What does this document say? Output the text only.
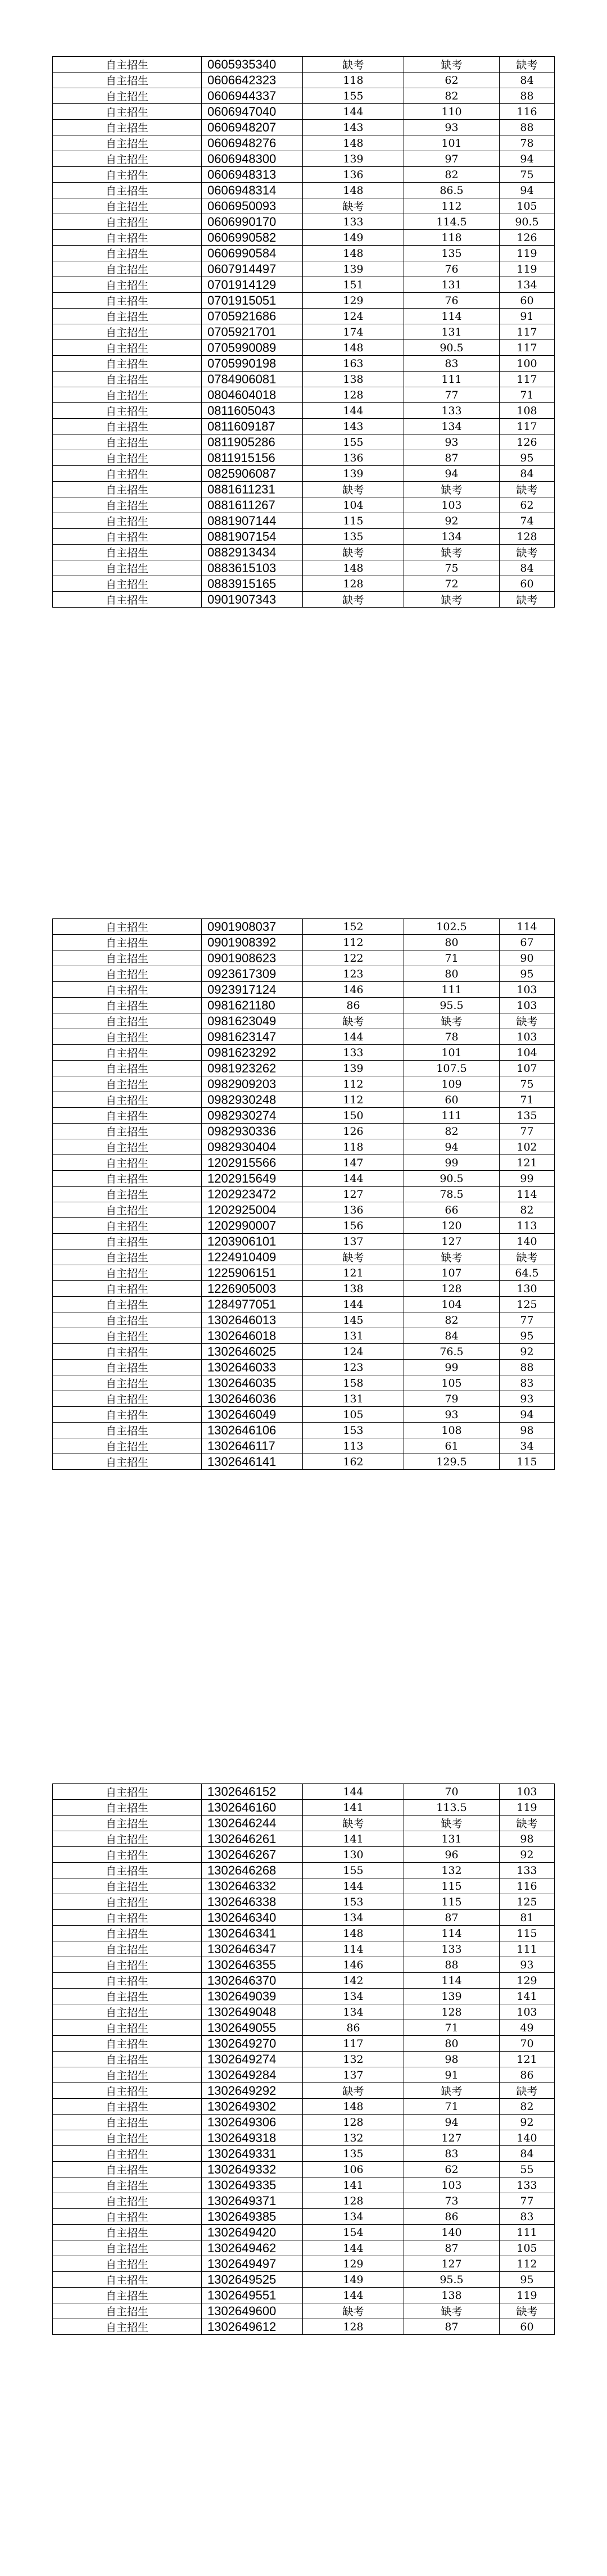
自主招生	0605935340	缺考	缺考	缺考
自主招生	0606642323	118	62	84
自主招生	0606944337	155	82	88
自主招生	0606947040	144	110	116
自主招生	0606948207	143	93	88
自主招生	0606948276	148	101	78
自主招生	0606948300	139	97	94
自主招生	0606948313	136	82	75
自主招生	0606948314	148	86.5	94
自主招生	0606950093	缺考	112	105
自主招生	0606990170	133	114.5	90.5
自主招生	0606990582	149	118	126
自主招生	0606990584	148	135	119
自主招生	0607914497	139	76	119
自主招生	0701914129	151	131	134
自主招生	0701915051	129	76	60
自主招生	0705921686	124	114	91
自主招生	0705921701	174	131	117
自主招生	0705990089	148	90.5	117
自主招生	0705990198	163	83	100
自主招生	0784906081	138	111	117
自主招生	0804604018	128	77	71
自主招生	0811605043	144	133	108
自主招生	0811609187	143	134	117
自主招生	0811905286	155	93	126
自主招生	0811915156	136	87	95
自主招生	0825906087	139	94	84
自主招生	0881611231	缺考	缺考	缺考
自主招生	0881611267	104	103	62
自主招生	0881907144	115	92	74
自主招生	0881907154	135	134	128
自主招生	0882913434	缺考	缺考	缺考
自主招生	0883615103	148	75	84
自主招生	0883915165	128	72	60
自主招生	0901907343	缺考	缺考	缺考
自主招生	0901908037	152	102.5	114
自主招生	0901908392	112	80	67
自主招生	0901908623	122	71	90
自主招生	0923617309	123	80	95
自主招生	0923917124	146	111	103
自主招生	0981621180	86	95.5	103
自主招生	0981623049	缺考	缺考	缺考
自主招生	0981623147	144	78	103
自主招生	0981623292	133	101	104
自主招生	0981923262	139	107.5	107
自主招生	0982909203	112	109	75
自主招生	0982930248	112	60	71
自主招生	0982930274	150	111	135
自主招生	0982930336	126	82	77
自主招生	0982930404	118	94	102
自主招生	1202915566	147	99	121
自主招生	1202915649	144	90.5	99
自主招生	1202923472	127	78.5	114
自主招生	1202925004	136	66	82
自主招生	1202990007	156	120	113
自主招生	1203906101	137	127	140
自主招生	1224910409	缺考	缺考	缺考
自主招生	1225906151	121	107	64.5
自主招生	1226905003	138	128	130
自主招生	1284977051	144	104	125
自主招生	1302646013	145	82	77
自主招生	1302646018	131	84	95
自主招生	1302646025	124	76.5	92
自主招生	1302646033	123	99	88
自主招生	1302646035	158	105	83
自主招生	1302646036	131	79	93
自主招生	1302646049	105	93	94
自主招生	1302646106	153	108	98
自主招生	1302646117	113	61	34
自主招生	1302646141	162	129.5	115
自主招生	1302646152	144	70	103
自主招生	1302646160	141	113.5	119
自主招生	1302646244	缺考	缺考	缺考
自主招生	1302646261	141	131	98
自主招生	1302646267	130	96	92
自主招生	1302646268	155	132	133
自主招生	1302646332	144	115	116
自主招生	1302646338	153	115	125
自主招生	1302646340	134	87	81
自主招生	1302646341	148	114	115
自主招生	1302646347	114	133	111
自主招生	1302646355	146	88	93
自主招生	1302646370	142	114	129
自主招生	1302649039	134	139	141
自主招生	1302649048	134	128	103
自主招生	1302649055	86	71	49
自主招生	1302649270	117	80	70
自主招生	1302649274	132	98	121
自主招生	1302649284	137	91	86
自主招生	1302649292	缺考	缺考	缺考
自主招生	1302649302	148	71	82
自主招生	1302649306	128	94	92
自主招生	1302649318	132	127	140
自主招生	1302649331	135	83	84
自主招生	1302649332	106	62	55
自主招生	1302649335	141	103	133
自主招生	1302649371	128	73	77
自主招生	1302649385	134	86	83
自主招生	1302649420	154	140	111
自主招生	1302649462	144	87	105
自主招生	1302649497	129	127	112
自主招生	1302649525	149	95.5	95
自主招生	1302649551	144	138	119
自主招生	1302649600	缺考	缺考	缺考
自主招生	1302649612	128	87	60
